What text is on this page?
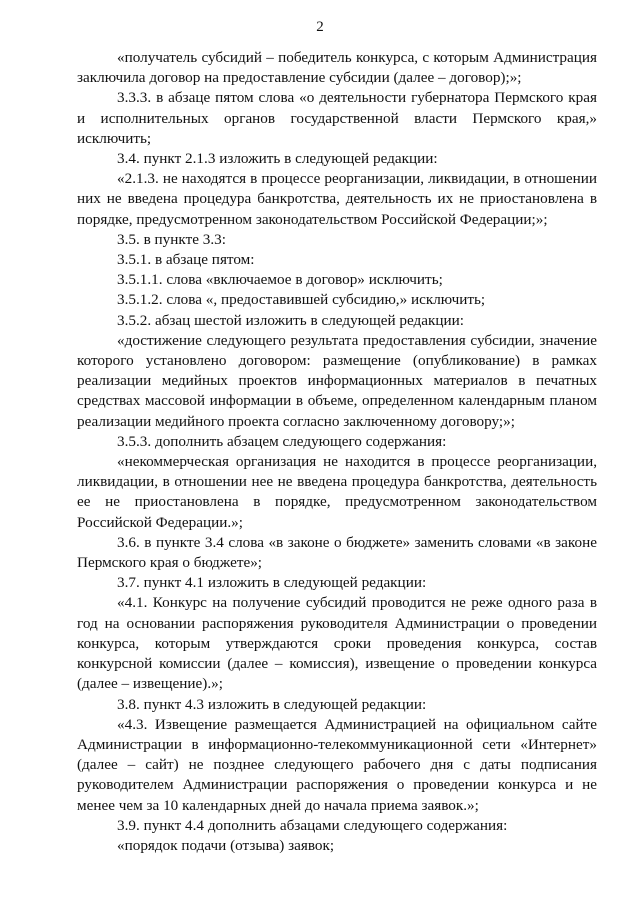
2

«получатель субсидий – победитель конкурса, с которым Администрация заключила договор на предоставление субсидии (далее – договор);»;

3.3.3. в абзаце пятом слова «о деятельности губернатора Пермского края и исполнительных органов государственной власти Пермского края,» исключить;

3.4. пункт 2.1.3 изложить в следующей редакции:

«2.1.3. не находятся в процессе реорганизации, ликвидации, в отношении них не введена процедура банкротства, деятельность их не приостановлена в порядке, предусмотренном законодательством Российской Федерации;»;

3.5. в пункте 3.3:

3.5.1. в абзаце пятом:

3.5.1.1. слова «включаемое в договор» исключить;

3.5.1.2. слова «, предоставившей субсидию,» исключить;

3.5.2. абзац шестой изложить в следующей редакции:

«достижение следующего результата предоставления субсидии, значение которого установлено договором: размещение (опубликование) в рамках реализации медийных проектов информационных материалов в печатных средствах массовой информации в объеме, определенном календарным планом реализации медийного проекта согласно заключенному договору;»;

3.5.3. дополнить абзацем следующего содержания:

«некоммерческая организация не находится в процессе реорганизации, ликвидации, в отношении нее не введена процедура банкротства, деятельность ее не приостановлена в порядке, предусмотренном законодательством Российской Федерации.»;

3.6. в пункте 3.4 слова «в законе о бюджете» заменить словами «в законе Пермского края о бюджете»;

3.7. пункт 4.1 изложить в следующей редакции:

«4.1. Конкурс на получение субсидий проводится не реже одного раза в год на основании распоряжения руководителя Администрации о проведении конкурса, которым утверждаются сроки проведения конкурса, состав конкурсной комиссии (далее – комиссия), извещение о проведении конкурса (далее – извещение).»;

3.8. пункт 4.3 изложить в следующей редакции:

«4.3. Извещение размещается Администрацией на официальном сайте Администрации в информационно-телекоммуникационной сети «Интернет» (далее – сайт) не позднее следующего рабочего дня с даты подписания руководителем Администрации распоряжения о проведении конкурса и не менее чем за 10 календарных дней до начала приема заявок.»;

3.9. пункт 4.4 дополнить абзацами следующего содержания:

«порядок подачи (отзыва) заявок;
